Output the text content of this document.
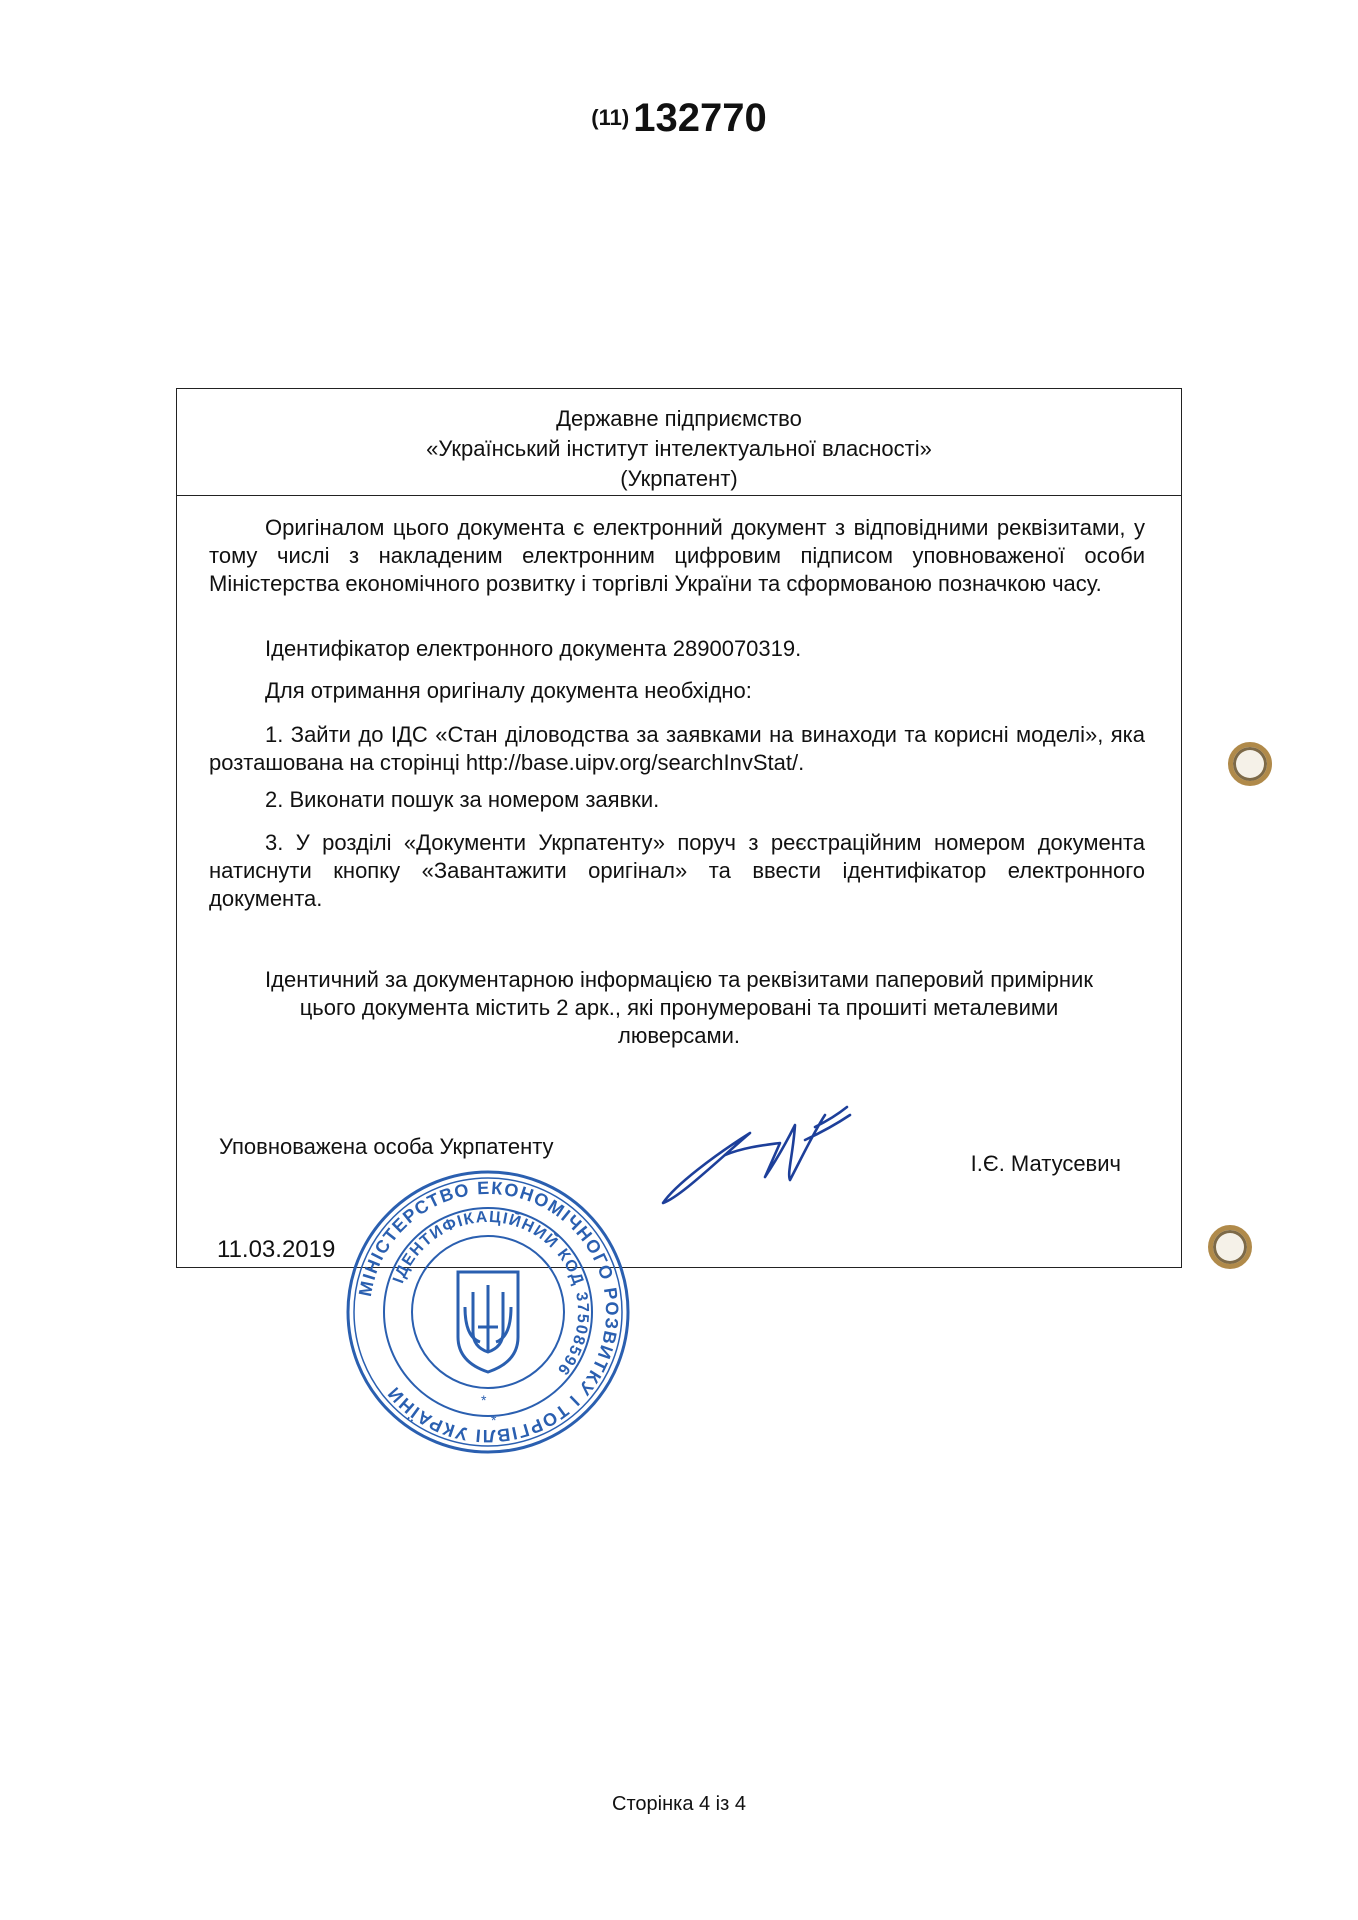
(11) 132770
Державне підприємство
«Український інститут інтелектуальної власності»
(Укрпатент)

Оригіналом цього документа є електронний документ з відповідними реквізитами, у тому числі з накладеним електронним цифровим підписом уповноваженої особи Міністерства економічного розвитку і торгівлі України та сформованою позначкою часу.

Ідентифікатор електронного документа 2890070319.

Для отримання оригіналу документа необхідно:

1. Зайти до ІДС «Стан діловодства за заявками на винаходи та корисні моделі», яка розташована на сторінці http://base.uipv.org/searchInvStat/.

2. Виконати пошук за номером заявки.

3. У розділі «Документи Укрпатенту» поруч з реєстраційним номером документа натиснути кнопку «Завантажити оригінал» та ввести ідентифікатор електронного документа.

Ідентичний за документарною інформацією та реквізитами паперовий примірник цього документа містить 2 арк., які пронумеровані та прошиті металевими люверсами.

Уповноважена особа Укрпатенту
І.Є. Матусевич
11.03.2019
МІНІСТЕРСТВО ЕКОНОМІЧНОГО РОЗВИТКУ І ТОРГІВЛІ УКРАЇНИ
ІДЕНТИФІКАЦІЙНИЙ КОД 37508596
*
*
Сторінка 4 із 4
